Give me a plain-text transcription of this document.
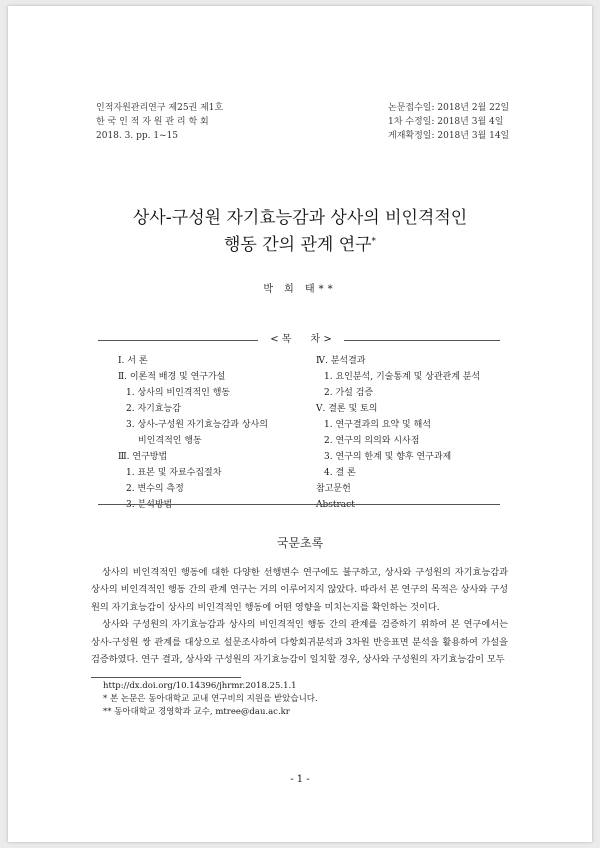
인적자원관리연구 제25권 제1호
한 국 인 적 자 원 관 리 학 회
2018. 3. pp. 1~15
논문접수일: 2018년 2월 22일
1차 수정일: 2018년 3월 4일
게재확정일: 2018년 3월 14일
상사-구성원 자기효능감과 상사의 비인격적인
행동 간의 관계 연구*
박 희 태**
< 목 차 >
Ⅰ. 서 론
Ⅱ. 이론적 배경 및 연구가설
1. 상사의 비인격적인 행동
2. 자기효능감
3. 상사-구성원 자기효능감과 상사의
비인격적인 행동
Ⅲ. 연구방법
1. 표본 및 자료수집절차
2. 변수의 측정
3. 분석방법
Ⅳ. 분석결과
1. 요인분석, 기술통계 및 상관관계 분석
2. 가설 검증
Ⅴ. 결론 및 토의
1. 연구결과의 요약 및 해석
2. 연구의 의의와 시사점
3. 연구의 한계 및 향후 연구과제
4. 결 론
참고문헌
Abstract
국문초록

상사의 비인격적인 행동에 대한 다양한 선행변수 연구에도 불구하고, 상사와 구성원의 자기효능감과 상사의 비인격적인 행동 간의 관계 연구는 거의 이루어지지 않았다. 따라서 본 연구의 목적은 상사와 구성원의 자기효능감이 상사의 비인격적인 행동에 어떤 영향을 미치는지를 확인하는 것이다.

상사와 구성원의 자기효능감과 상사의 비인격적인 행동 간의 관계를 검증하기 위하여 본 연구에서는 상사-구성원 쌍 관계를 대상으로 설문조사하여 다항회귀분석과 3차원 반응표면 분석을 활용하여 가설을 검증하였다. 연구 결과, 상사와 구성원의 자기효능감이 일치할 경우, 상사와 구성원의 자기효능감이 모두

http://dx.doi.org/10.14396/jhrmr.2018.25.1.1
* 본 논문은 동아대학교 교내 연구비의 지원을 받았습니다.
** 동아대학교 경영학과 교수, mtree@dau.ac.kr
- 1 -
